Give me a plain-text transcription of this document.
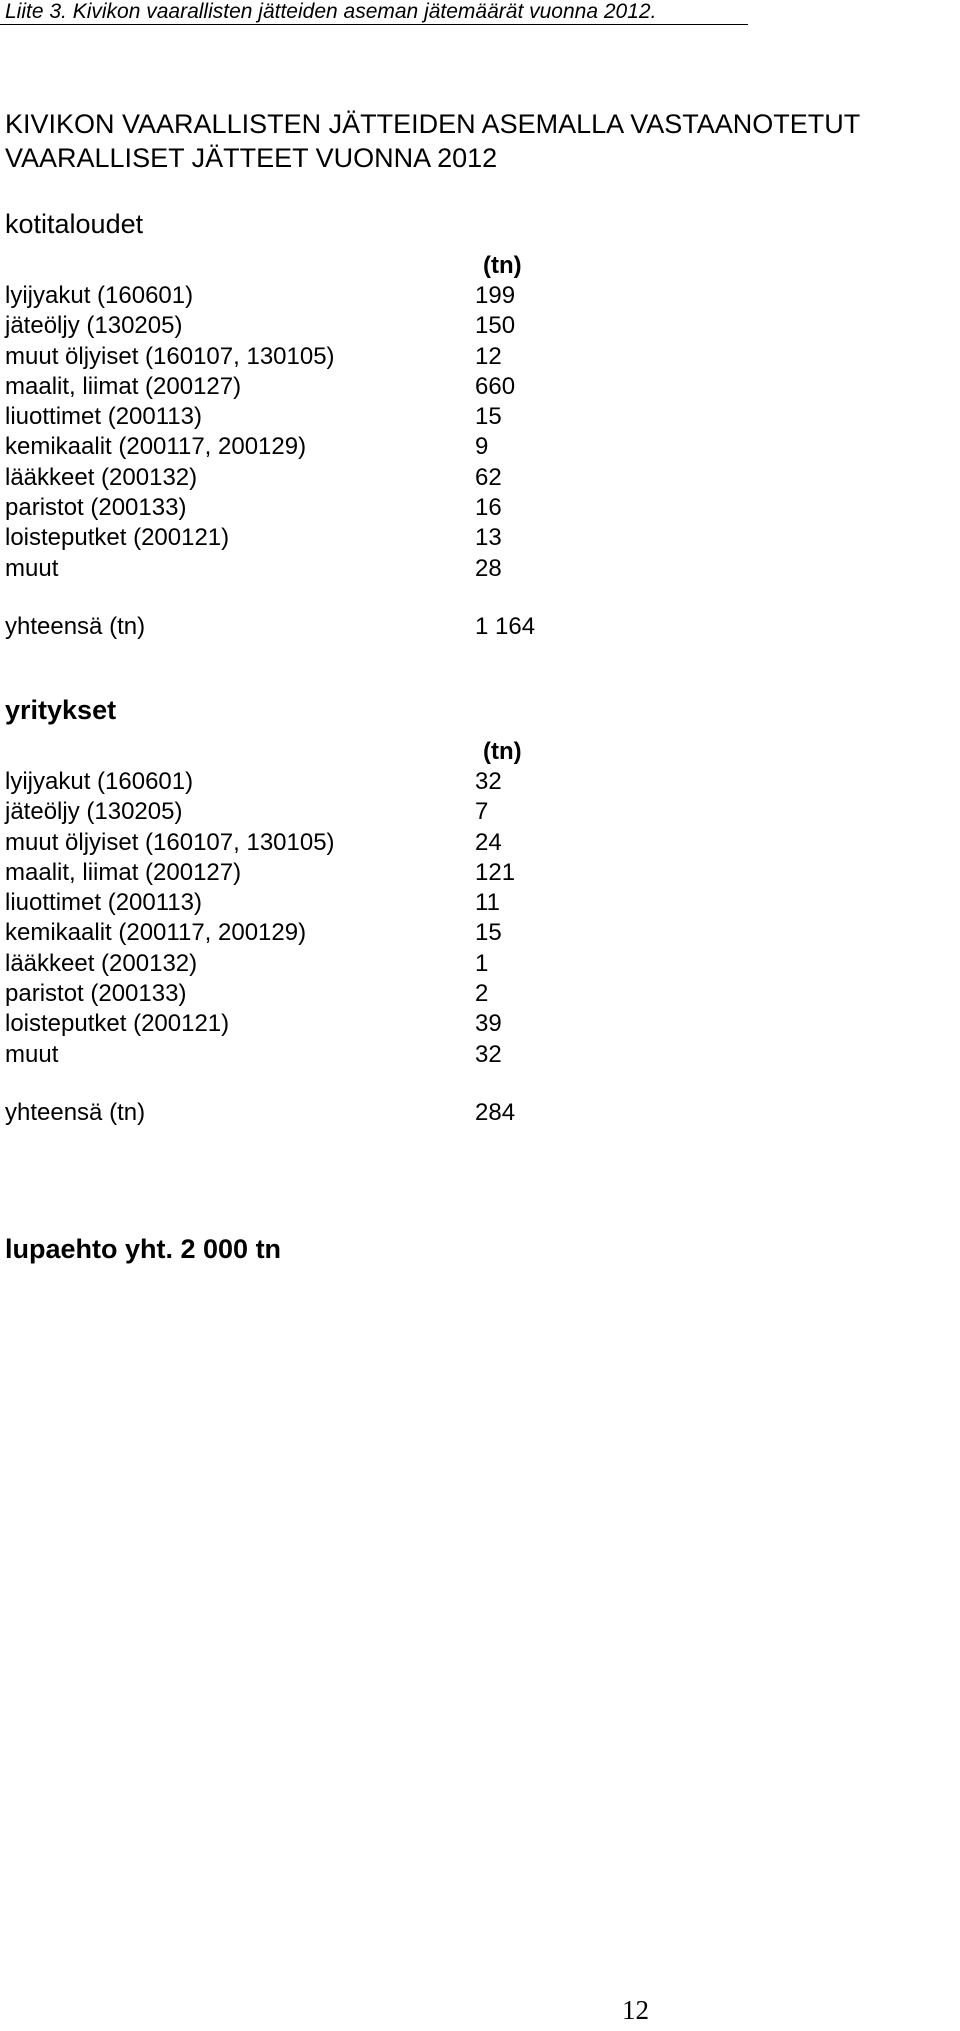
Liite 3. Kivikon vaarallisten jätteiden aseman jätemäärät vuonna 2012.
KIVIKON VAARALLISTEN JÄTTEIDEN ASEMALLA VASTAANOTETUT
VAARALLISET JÄTTEET VUONNA 2012
kotitaloudet
(tn)
lyijyakut (160601)	199
jäteöljy (130205)	150
muut öljyiset (160107, 130105)	12
maalit, liimat (200127)	660
liuottimet (200113)	15
kemikaalit (200117, 200129)	9
lääkkeet (200132)	62
paristot (200133)	16
loisteputket (200121)	13
muut	28
yhteensä (tn)	1 164
yritykset
(tn)
lyijyakut (160601)	32
jäteöljy (130205)	7
muut öljyiset (160107, 130105)	24
maalit, liimat (200127)	121
liuottimet (200113)	11
kemikaalit (200117, 200129)	15
lääkkeet (200132)	1
paristot (200133)	2
loisteputket (200121)	39
muut	32
yhteensä (tn)	284
lupaehto yht. 2 000 tn
12
